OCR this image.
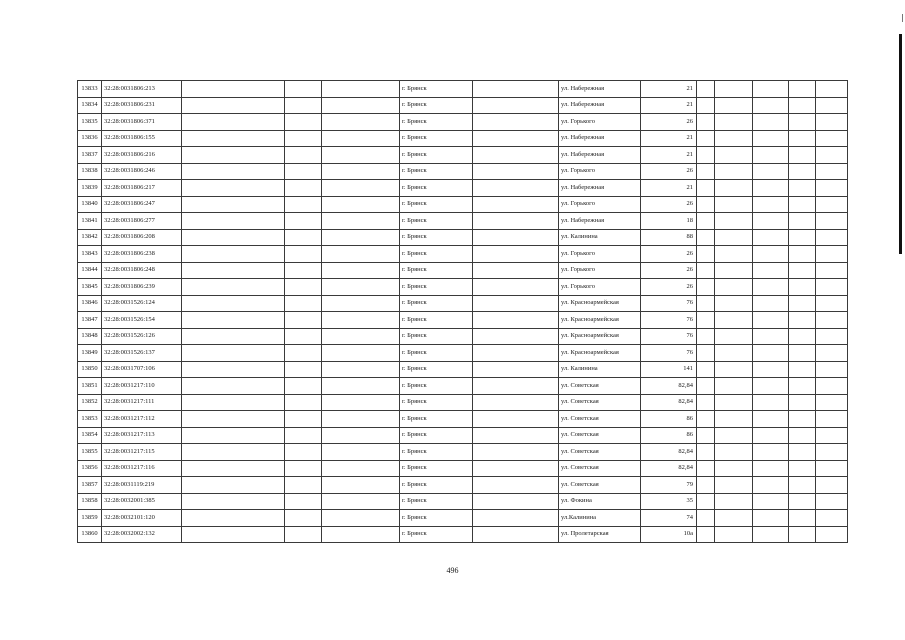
13833	32:28:0031806:213				г. Брянск		ул. Набережная	21					
13834	32:28:0031806:231				г. Брянск		ул. Набережная	21					
13835	32:28:0031806:371				г. Брянск		ул. Горького	26					
13836	32:28:0031806:155				г. Брянск		ул. Набережная	21					
13837	32:28:0031806:216				г. Брянск		ул. Набережная	21					
13838	32:28:0031806:246				г. Брянск		ул. Горького	26					
13839	32:28:0031806:217				г. Брянск		ул. Набережная	21					
13840	32:28:0031806:247				г. Брянск		ул. Горького	26					
13841	32:28:0031806:277				г. Брянск		ул. Набережная	18					
13842	32:28:0031806:208				г. Брянск		ул. Калинина	88					
13843	32:28:0031806:238				г. Брянск		ул. Горького	26					
13844	32:28:0031806:248				г. Брянск		ул. Горького	26					
13845	32:28:0031806:239				г. Брянск		ул. Горького	26					
13846	32:28:0031526:124				г. Брянск		ул. Красноармейская	76					
13847	32:28:0031526:154				г. Брянск		ул. Красноармейская	76					
13848	32:28:0031526:126				г. Брянск		ул. Красноармейская	76					
13849	32:28:0031526:137				г. Брянск		ул. Красноармейская	76					
13850	32:28:0031707:106				г. Брянск		ул. Калинина	141					
13851	32:28:0031217:110				г. Брянск		ул. Советская	82,84					
13852	32:28:0031217:111				г. Брянск		ул. Советская	82,84					
13853	32:28:0031217:112				г. Брянск		ул. Советская	86					
13854	32:28:0031217:113				г. Брянск		ул. Советская	86					
13855	32:28:0031217:115				г. Брянск		ул. Советская	82,84					
13856	32:28:0031217:116				г. Брянск		ул. Советская	82,84					
13857	32:28:0031119:219				г. Брянск		ул. Советская	79					
13858	32:28:0032001:385				г. Брянск		ул. Фокина	35					
13859	32:28:0032101:120				г. Брянск		ул.Калинина	74					
13860	32:28:0032002:132				г. Брянск		ул. Пролетарская	10a					
496
